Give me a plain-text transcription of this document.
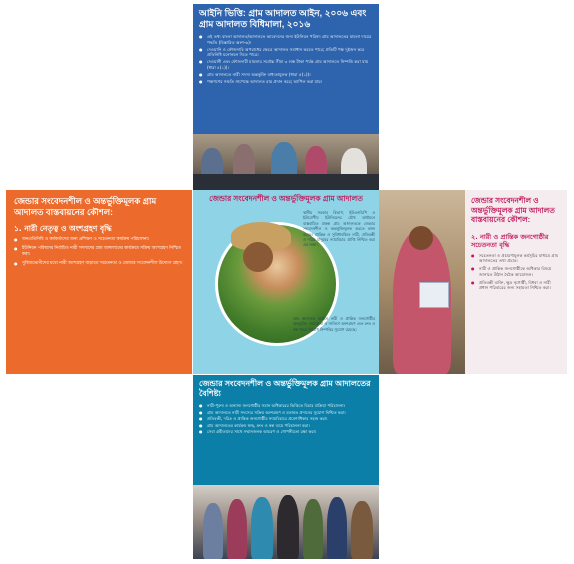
আইনি ভিত্তি: গ্রাম আদালত আইন, ২০০৬ এবং গ্রাম আদালত বিধিমালা, ২০১৬
● এই তথ্য বাংলা আদালত/আদালতে আবেদনের জন্য ইউনিয়ন পরিষদ গ্রাম আদালতের মামলা দায়ের পদ্ধতি (বিস্তারিত অংশ-৬)।
● দেওয়ানি ও ফৌজদারি অপরাধের ক্ষেত্রে আদালত সমাধান করতে পারে; প্রতিটি পক্ষ দুইজন করে প্রতিনিধি মনোনয়ন দিতে পারে।
● দেওয়ানী এবং ফৌজদারী মামলার সর্বোচ্চ সীমা ৩ লক্ষ টাকা পর্যন্ত গ্রাম আদালতে নিষ্পত্তি করা যায় (ধারা ৪(১))।
● গ্রাম আদালতে নারী সদস্য অন্তর্ভুক্তি বাধ্যতামূলক (ধারা ৫(১))।
● পক্ষগণের সম্মতি সাপেক্ষে আদালত রায় প্রদান করে; আপিল করা যায়।
জেন্ডার সংবেদনশীল ও অন্তর্ভুক্তিমূলক গ্রাম আদালত বাস্তবায়নের কৌশল:
১. নারী নেতৃত্ব ও অংশগ্রহণ বৃদ্ধি
● জনপ্রতিনিধি ও কর্মকর্তাদের জন্য প্রশিক্ষণ ও সচেতনতা কার্যক্রম পরিচালনা।
● ইউনিয়ন পরিষদের নির্বাচিত নারী সদস্যদের গ্রাম আদালতের কার্যক্রমে সক্রিয় অংশগ্রহণ নিশ্চিত করা।
● সুবিধাভোগীদের মধ্যে নারী অংশগ্রহণ বাড়াতে সচেতনতা ও জেন্ডার সংবেদনশীল উদ্যোগ গ্রহণ।
জেন্ডার সংবেদনশীল ও অন্তর্ভুক্তিমূলক গ্রাম আদালত
স্থানীয় সরকার বিভাগ, ইউএনডিপি ও ইউরোপীয় ইউনিয়নের যৌথ অর্থায়নে বাস্তবায়িত প্রকল্প গ্রাম আদালতকে জেন্ডার সংবেদনশীল ও অন্তর্ভুক্তিমূলক করতে কাজ করছে। প্রান্তিক ও সুবিধাবঞ্চিত নারী, প্রতিবন্ধী ও দরিদ্র মানুষের ন্যায়বিচার প্রাপ্তি নিশ্চিত করা এর লক্ষ্য।
গ্রাম আদালত আইনে নারী ও প্রান্তিক জনগোষ্ঠীর অন্তর্ভুক্তি, সমঝোতা ও সালিশে অংশগ্রহণ এবং দ্রুত ও স্বল্প খরচে বিরোধ নিষ্পত্তির সুযোগ রয়েছে।
জেন্ডার সংবেদনশীল ও অন্তর্ভুক্তিমূলক গ্রাম আদালত বাস্তবায়নের কৌশল:
২. নারী ও প্রান্তিক জনগোষ্ঠীর সচেতনতা বৃদ্ধি
● সচেতনতা ও প্রচারণামূলক কর্মসূচির মাধ্যমে গ্রাম আদালতের তথ্য প্রচার।
● নারী ও প্রান্তিক জনগোষ্ঠীকে অধিকার বিষয়ে জানাতে উঠান বৈঠক আয়োজন।
● প্রতিবন্ধী ব্যক্তি, ক্ষুদ্র নৃগোষ্ঠী, বিধবা ও নারী প্রধান পরিবারের জন্য সহায়তা নিশ্চিত করা।
জেন্ডার সংবেদনশীল ও অন্তর্ভুক্তিমূলক গ্রাম আদালতের বৈশিষ্ট্য
● নারী-পুরুষ ও অন্যান্য জনগোষ্ঠীর সমান অধিকারের ভিত্তিতে বিচার প্রক্রিয়া পরিচালনা।
● গ্রাম আদালতে নারী সদস্যের সক্রিয় অংশগ্রহণ ও মতামত প্রদানের সুযোগ নিশ্চিত করা।
● প্রতিবন্ধী, দরিদ্র ও প্রান্তিক জনগোষ্ঠীর ন্যায়বিচারে প্রবেশাধিকার সহজ করা।
● গ্রাম আদালতের কার্যক্রম স্বচ্ছ, দ্রুত ও স্বল্প ব্যয়ে পরিচালনা করা।
● সেবা গ্রহীতাদের সাথে সম্মানজনক আচরণ ও গোপনীয়তা রক্ষা করা।
